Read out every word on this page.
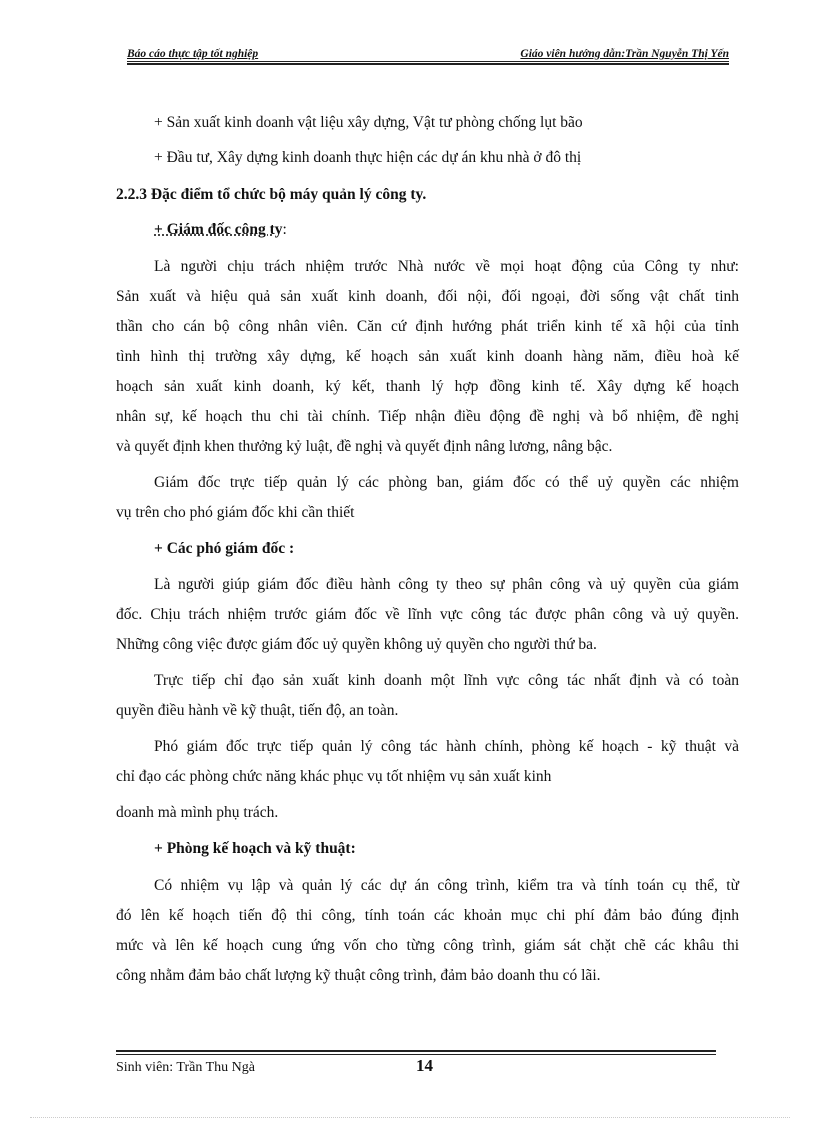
Báo cáo thực tập tốt nghiệp	Giáo viên hướng dẫn:Trần Nguyễn Thị Yến
+ Sản xuất kinh doanh vật liệu xây dựng, Vật tư phòng chống lụt bão
+ Đầu tư, Xây dựng kinh doanh thực hiện các dự án khu nhà ở đô thị
2.2.3 Đặc điểm tổ chức bộ máy quản lý công ty.
+ Giám đốc công ty:
Là người chịu trách nhiệm trước Nhà nước về mọi hoạt động của Công ty như:
Sản xuất và hiệu quả sản xuất kinh doanh, đối nội, đối ngoại, đời sống vật chất tinh
thần cho cán bộ công nhân viên. Căn cứ định hướng phát triển kinh tế xã hội của tỉnh
tình hình thị trường xây dựng, kế hoạch sản xuất kinh doanh hàng năm, điều hoà kế
hoạch sản xuất kinh doanh, ký kết, thanh lý hợp đồng kinh tế. Xây dựng kế hoạch
nhân sự, kế hoạch thu chi tài chính. Tiếp nhận điều động đề nghị và bổ nhiệm, đề nghị
và quyết định khen thưởng kỷ luật, đề nghị và quyết định nâng lương, nâng bậc.
Giám đốc trực tiếp quản lý các phòng ban, giám đốc có thể uỷ quyền các nhiệm
vụ trên cho phó giám đốc khi cần thiết
+ Các phó giám đốc :
Là người giúp giám đốc điều hành công ty theo sự phân công và uỷ quyền của giám
đốc. Chịu trách nhiệm trước giám đốc về lĩnh vực công tác được phân công và uỷ quyền.
Những công việc được giám đốc uỷ quyền không uỷ quyền cho người thứ ba.
Trực tiếp chỉ đạo sản xuất kinh doanh một lĩnh vực công tác nhất định và có toàn
quyền điều hành về kỹ thuật, tiến độ, an toàn.
Phó giám đốc trực tiếp quản lý công tác hành chính, phòng kế hoạch - kỹ thuật và
chỉ đạo các phòng chức năng khác phục vụ tốt nhiệm vụ sản xuất kinh
doanh mà mình phụ trách.
+ Phòng kế hoạch và kỹ thuật:
Có nhiệm vụ lập và quản lý các dự án công trình, kiểm tra và tính toán cụ thể, từ
đó lên kế hoạch tiến độ thi công, tính toán các khoản mục chi phí đảm bảo đúng định
mức và lên kế hoạch cung ứng vốn cho từng công trình, giám sát chặt chẽ các khâu thi
công nhằm đảm bảo chất lượng kỹ thuật công trình, đảm bảo doanh thu có lãi.
Sinh viên: Trần Thu Ngà	14
